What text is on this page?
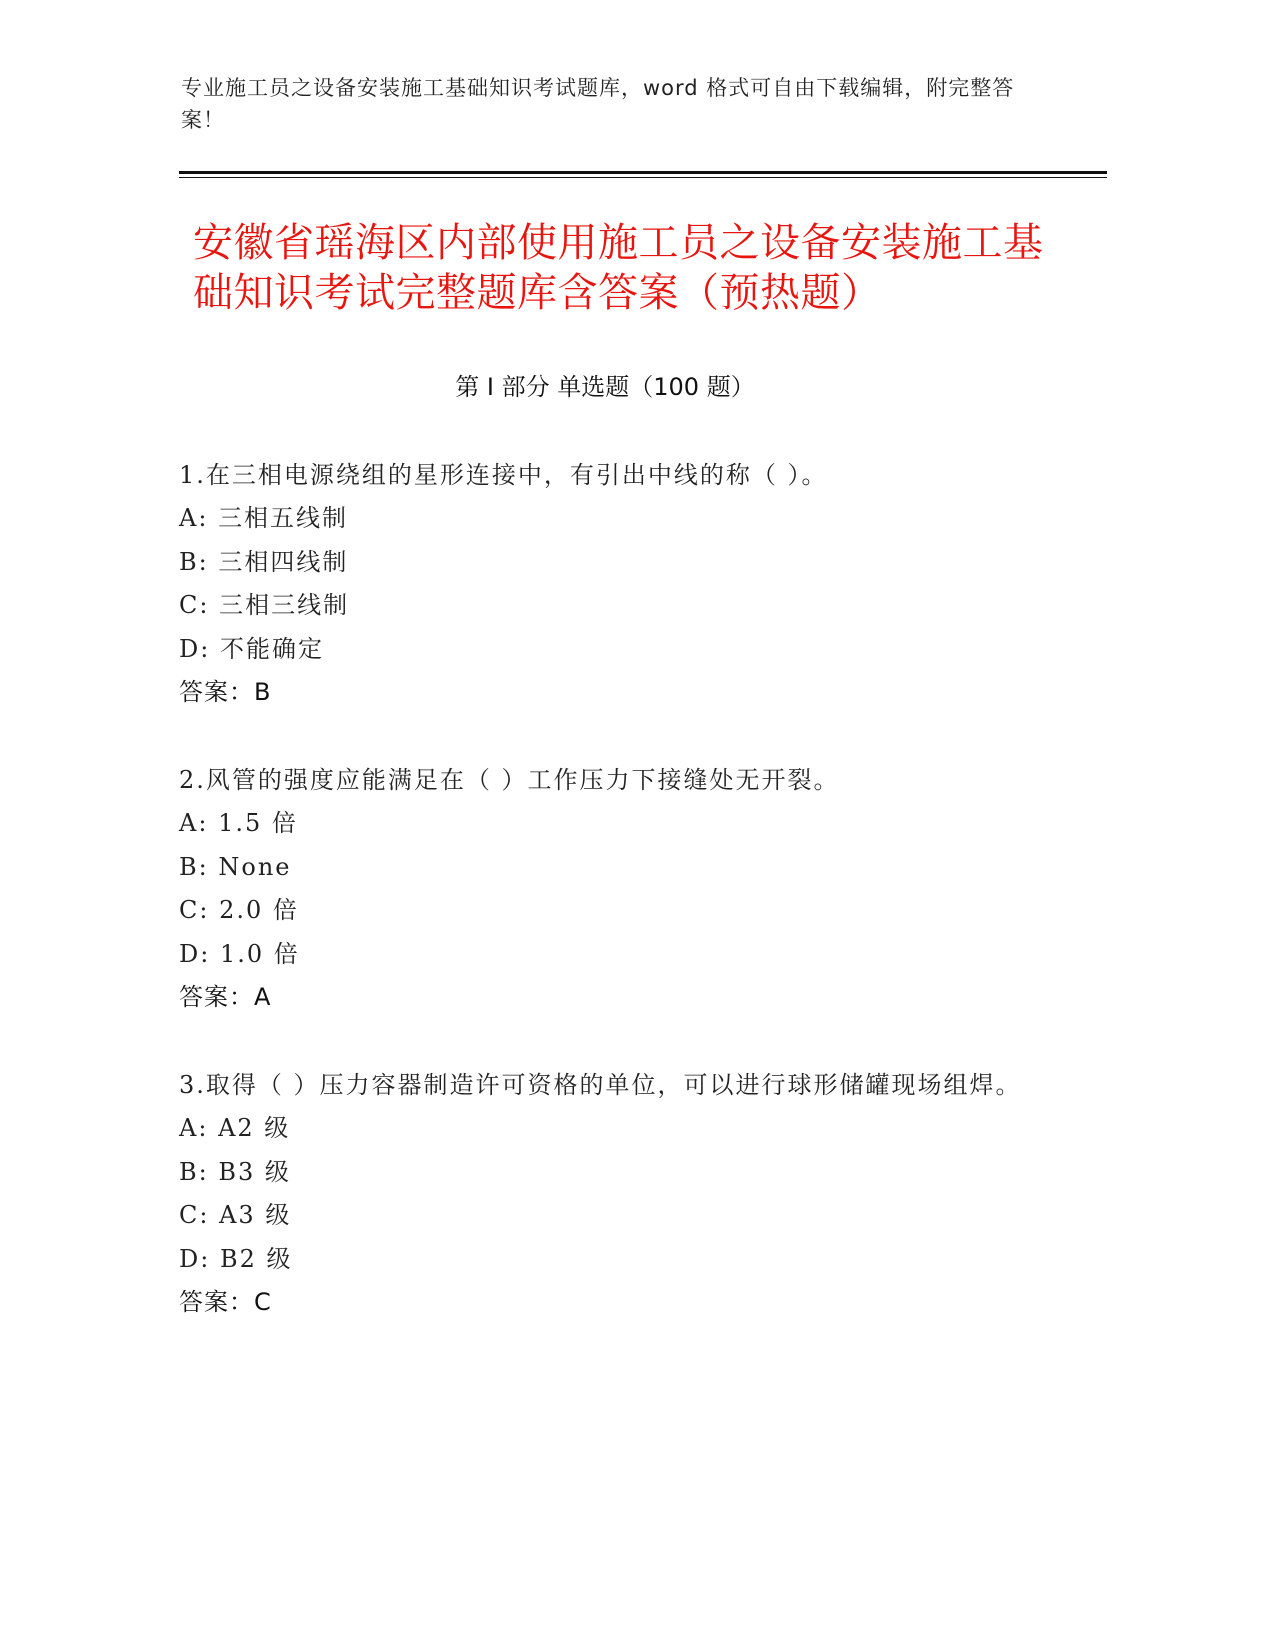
专业施工员之设备安装施工基础知识考试题库，word 格式可自由下载编辑，附完整答案！
安徽省瑶海区内部使用施工员之设备安装施工基础知识考试完整题库含答案（预热题）
第 I 部分 单选题（100 题）
1.在三相电源绕组的星形连接中，有引出中线的称（ ）。
A: 三相五线制
B: 三相四线制
C: 三相三线制
D: 不能确定
答案：B
2.风管的强度应能满足在（ ）工作压力下接缝处无开裂。
A: 1.5 倍
B: None
C: 2.0 倍
D: 1.0 倍
答案：A
3.取得（ ）压力容器制造许可资格的单位，可以进行球形储罐现场组焊。
A: A2 级
B: B3 级
C: A3 级
D: B2 级
答案：C
